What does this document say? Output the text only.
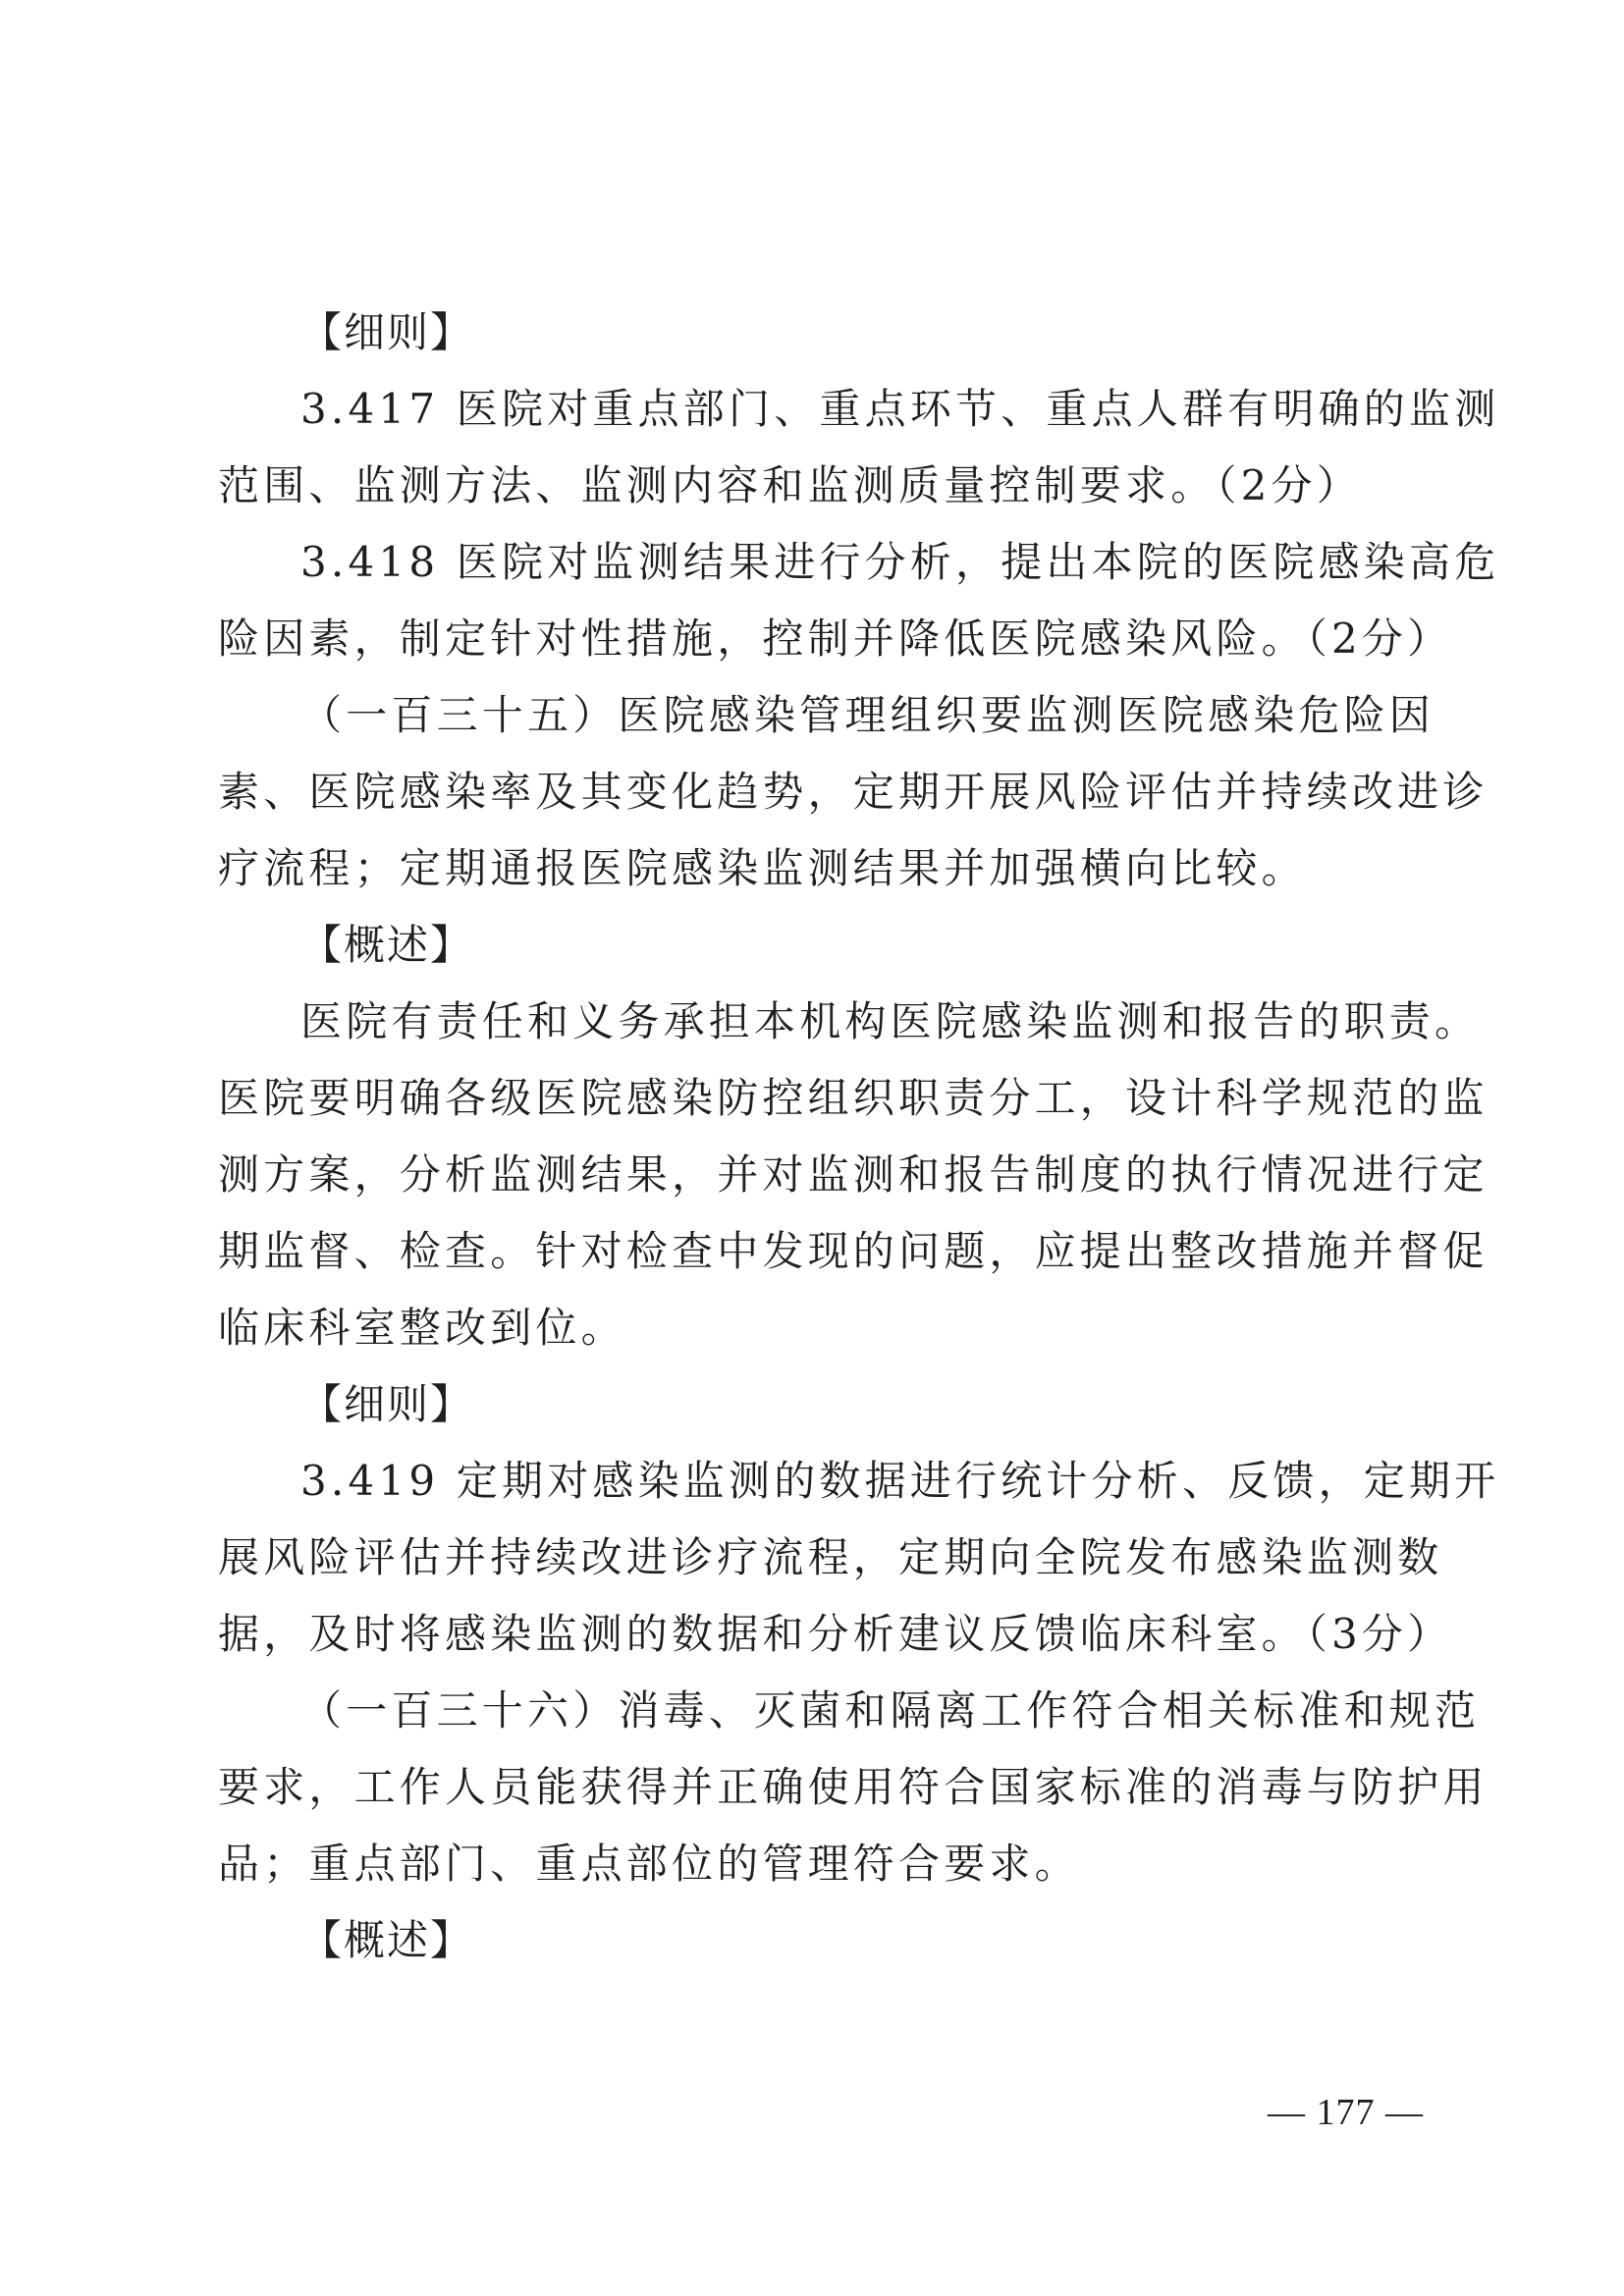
【细则】
3.417 医院对重点部门、重点环节、重点人群有明确的监测
范围、监测方法、监测内容和监测质量控制要求。（2分）
3.418 医院对监测结果进行分析，提出本院的医院感染高危
险因素，制定针对性措施，控制并降低医院感染风险。（2分）
（一百三十五）医院感染管理组织要监测医院感染危险因
素、医院感染率及其变化趋势，定期开展风险评估并持续改进诊
疗流程；定期通报医院感染监测结果并加强横向比较。
【概述】
医院有责任和义务承担本机构医院感染监测和报告的职责。
医院要明确各级医院感染防控组织职责分工，设计科学规范的监
测方案，分析监测结果，并对监测和报告制度的执行情况进行定
期监督、检查。针对检查中发现的问题，应提出整改措施并督促
临床科室整改到位。
【细则】
3.419 定期对感染监测的数据进行统计分析、反馈，定期开
展风险评估并持续改进诊疗流程，定期向全院发布感染监测数
据，及时将感染监测的数据和分析建议反馈临床科室。（3分）
（一百三十六）消毒、灭菌和隔离工作符合相关标准和规范
要求，工作人员能获得并正确使用符合国家标准的消毒与防护用
品；重点部门、重点部位的管理符合要求。
【概述】
— 177 —
